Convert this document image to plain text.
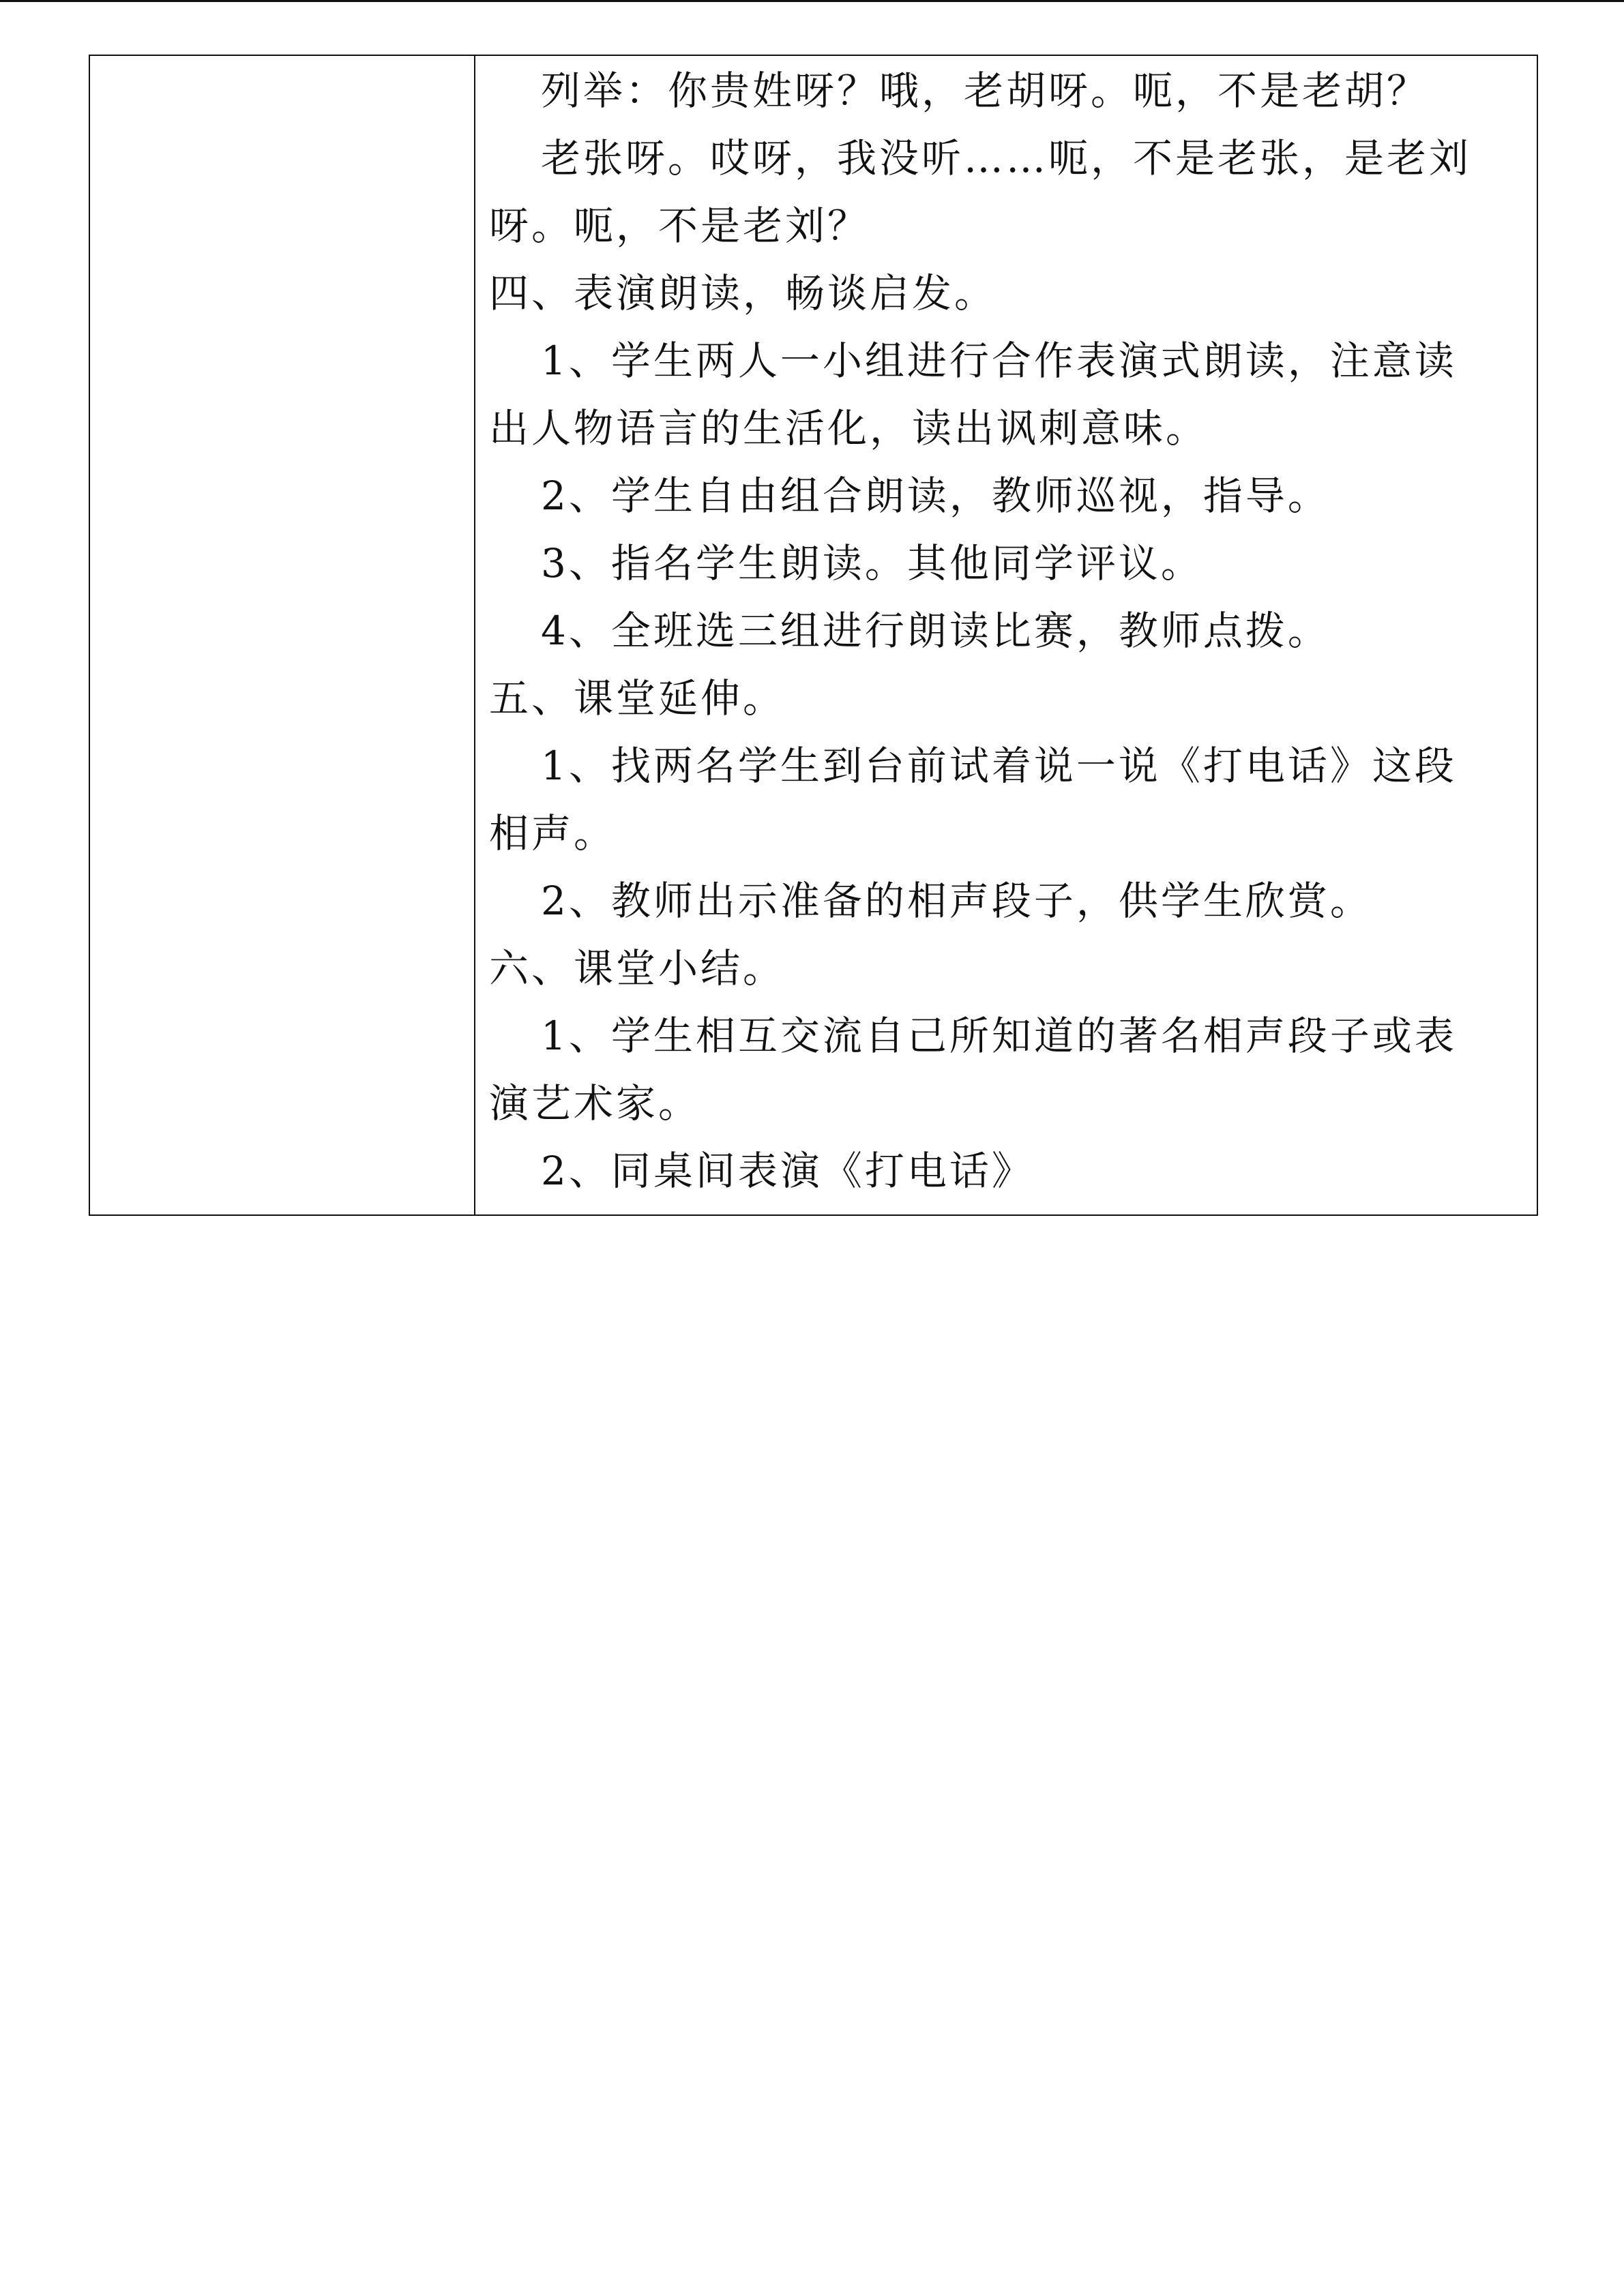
列举：你贵姓呀？哦，老胡呀。呃，不是老胡？

老张呀。哎呀，我没听……呃，不是老张，是老刘

呀。呃，不是老刘？

四、表演朗读，畅谈启发。

1、学生两人一小组进行合作表演式朗读，注意读

出人物语言的生活化，读出讽刺意味。

2、学生自由组合朗读，教师巡视，指导。

3、指名学生朗读。其他同学评议。

4、全班选三组进行朗读比赛，教师点拨。

五、课堂延伸。

1、找两名学生到台前试着说一说《打电话》这段

相声。

2、教师出示准备的相声段子，供学生欣赏。

六、课堂小结。

1、学生相互交流自己所知道的著名相声段子或表

演艺术家。

2、同桌间表演《打电话》
